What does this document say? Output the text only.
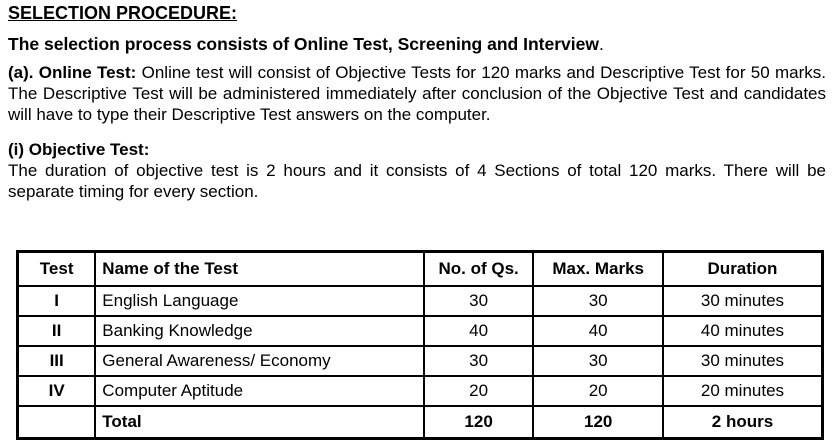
SELECTION PROCEDURE:
The selection process consists of Online Test, Screening and Interview.
(a). Online Test: Online test will consist of Objective Tests for 120 marks and Descriptive Test for 50 marks. The Descriptive Test will be administered immediately after conclusion of the Objective Test and candidates will have to type their Descriptive Test answers on the computer.
(i) Objective Test:
The duration of objective test is 2 hours and it consists of 4 Sections of total 120 marks. There will be separate timing for every section.
Test	Name of the Test	No. of Qs.	Max. Marks	Duration
I	English Language	30	30	30 minutes
II	Banking Knowledge	40	40	40 minutes
III	General Awareness/ Economy	30	30	30 minutes
IV	Computer Aptitude	20	20	20 minutes
	Total	120	120	2 hours
